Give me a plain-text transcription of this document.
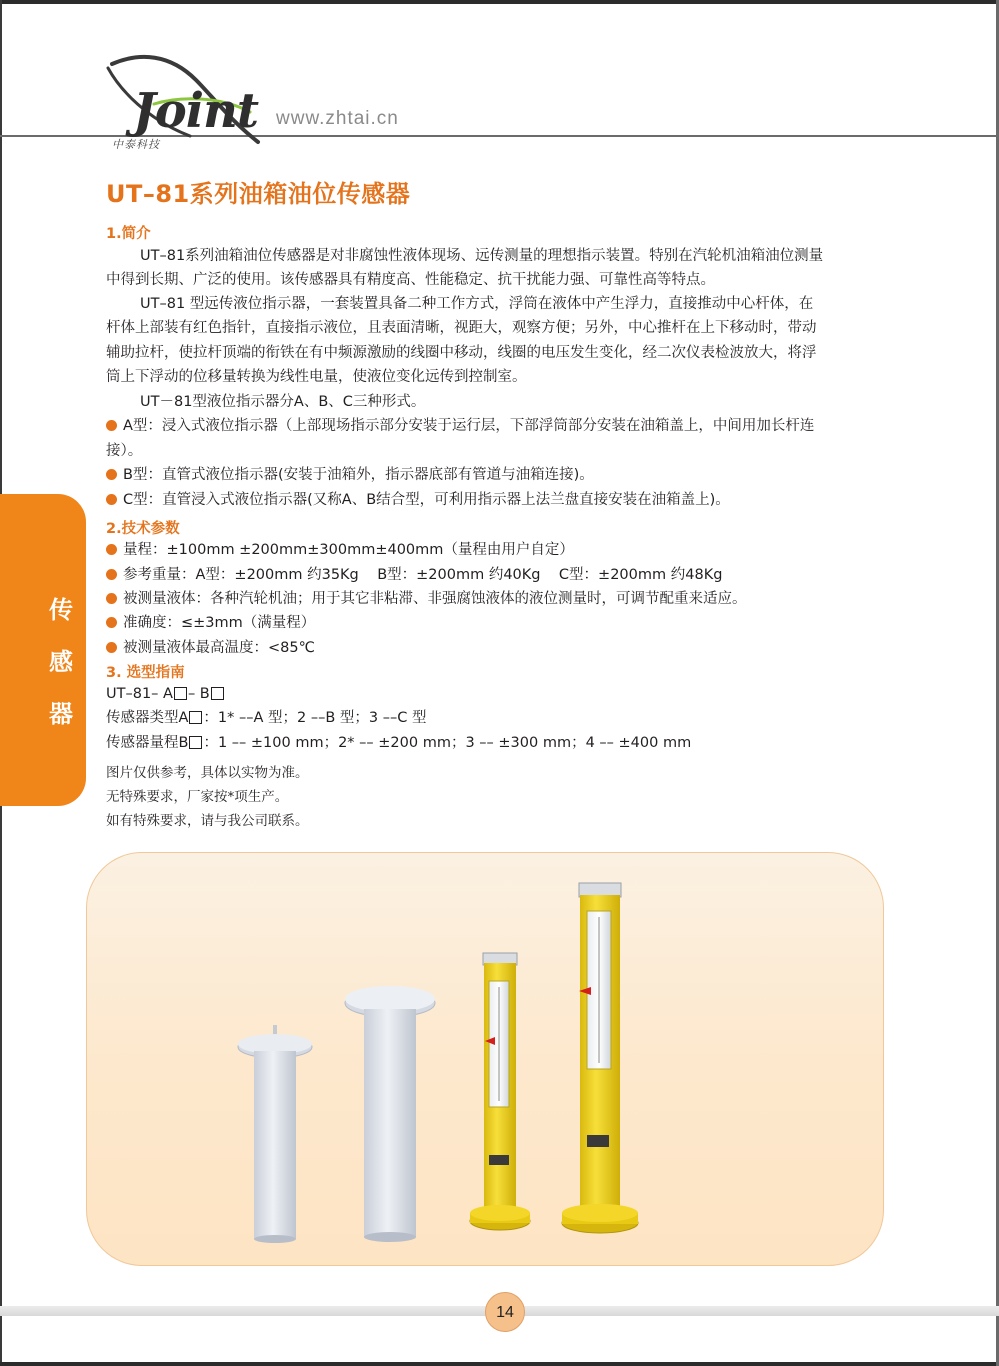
Joint
中泰科技
www.zhtai.cn
UT–81系列油箱油位传感器
1.简介
UT–81系列油箱油位传感器是对非腐蚀性液体现场、远传测量的理想指示装置。特别在汽轮机油箱油位测量
中得到长期、广泛的使用。该传感器具有精度高、性能稳定、抗干扰能力强、可靠性高等特点。
UT–81 型远传液位指示器，一套装置具备二种工作方式，浮筒在液体中产生浮力，直接推动中心杆体，在
杆体上部装有红色指针，直接指示液位，且表面清晰，视距大，观察方便；另外，中心推杆在上下移动时，带动
辅助拉杆，使拉杆顶端的衔铁在有中频源激励的线圈中移动，线圈的电压发生变化，经二次仪表检波放大，将浮
筒上下浮动的位移量转换为线性电量，使液位变化远传到控制室。
UT－81型液位指示器分A、B、C三种形式。
A型：浸入式液位指示器（上部现场指示部分安装于运行层，下部浮筒部分安装在油箱盖上，中间用加长杆连
接）。
B型：直管式液位指示器(安装于油箱外，指示器底部有管道与油箱连接)。
C型：直管浸入式液位指示器(又称A、B结合型，可利用指示器上法兰盘直接安装在油箱盖上)。
2.技术参数
量程：±100mm ±200mm±300mm±400mm（量程由用户自定）
参考重量：A型：±200mm 约35Kg    B型：±200mm 约40Kg    C型：±200mm 约48Kg
被测量液体：各种汽轮机油；用于其它非粘滞、非强腐蚀液体的液位测量时，可调节配重来适应。
准确度：≤±3mm（满量程）
被测量液体最高温度：<85℃
3. 选型指南
UT–81– A – B
传感器类型A ：1* ––A 型；2 ––B 型；3 ––C 型
传感器量程B ：1 –– ±100 mm；2* –– ±200 mm；3 –– ±300 mm；4 –– ±400 mm
图片仅供参考，具体以实物为准。
无特殊要求，厂家按*项生产。
如有特殊要求，请与我公司联系。
传
感
器
14
